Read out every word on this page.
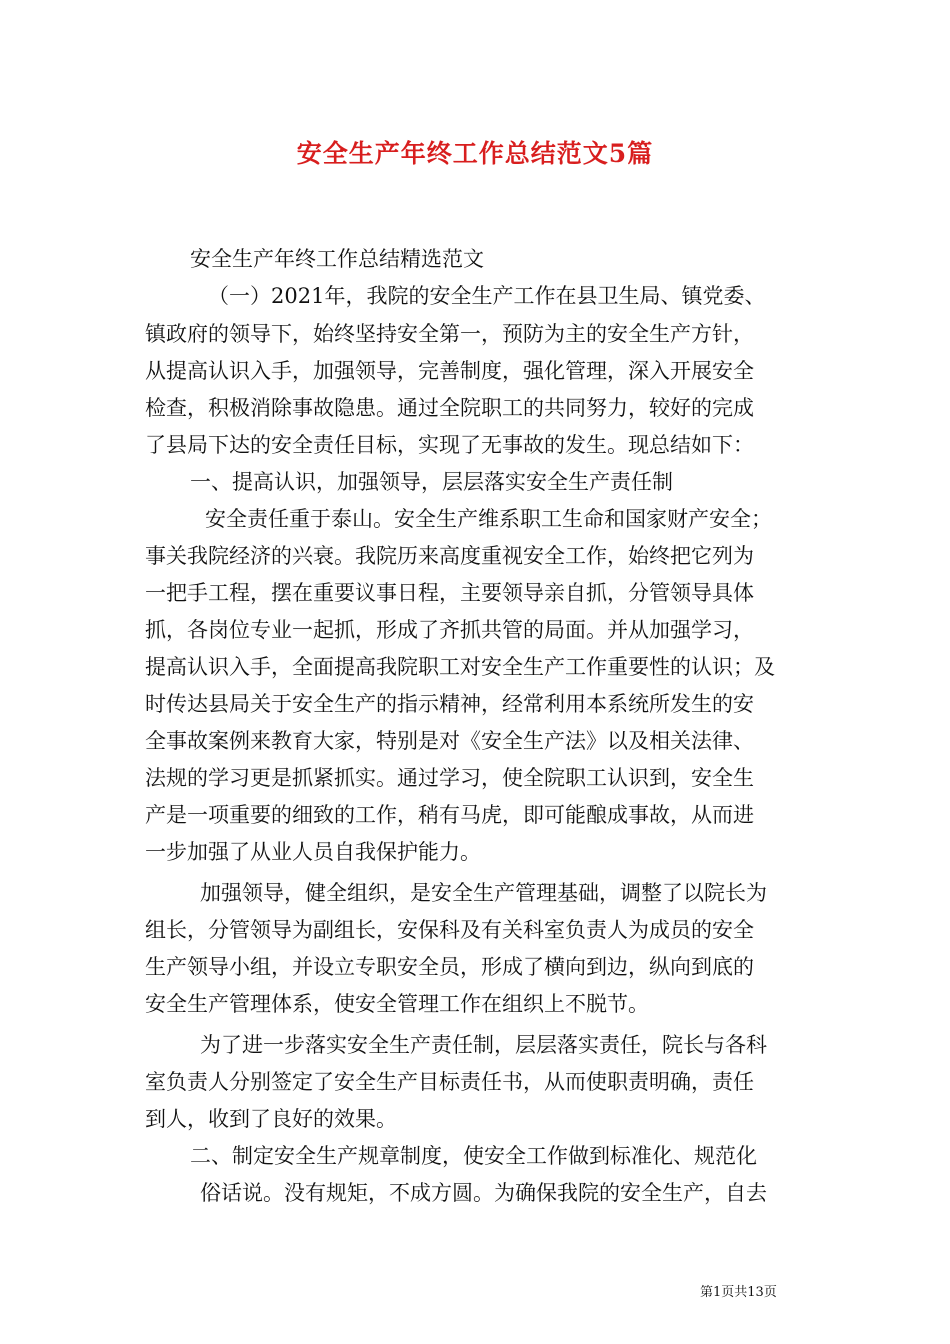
安全生产年终工作总结范文5篇
安全生产年终工作总结精选范文
（一）2021年，我院的安全生产工作在县卫生局、镇党委、
镇政府的领导下，始终坚持安全第一，预防为主的安全生产方针，
从提高认识入手，加强领导，完善制度，强化管理，深入开展安全
检查，积极消除事故隐患。通过全院职工的共同努力，较好的完成
了县局下达的安全责任目标，实现了无事故的发生。现总结如下：
一、提高认识，加强领导，层层落实安全生产责任制
安全责任重于泰山。安全生产维系职工生命和国家财产安全；
事关我院经济的兴衰。我院历来高度重视安全工作，始终把它列为
一把手工程，摆在重要议事日程，主要领导亲自抓，分管领导具体
抓，各岗位专业一起抓，形成了齐抓共管的局面。并从加强学习，
提高认识入手，全面提高我院职工对安全生产工作重要性的认识；及
时传达县局关于安全生产的指示精神，经常利用本系统所发生的安
全事故案例来教育大家，特别是对《安全生产法》以及相关法律、
法规的学习更是抓紧抓实。通过学习，使全院职工认识到，安全生
产是一项重要的细致的工作，稍有马虎，即可能酿成事故，从而进
一步加强了从业人员自我保护能力。
加强领导，健全组织，是安全生产管理基础，调整了以院长为
组长，分管领导为副组长，安保科及有关科室负责人为成员的安全
生产领导小组，并设立专职安全员，形成了横向到边，纵向到底的
安全生产管理体系，使安全管理工作在组织上不脱节。
为了进一步落实安全生产责任制，层层落实责任，院长与各科
室负责人分别签定了安全生产目标责任书，从而使职责明确，责任
到人，收到了良好的效果。
二、制定安全生产规章制度，使安全工作做到标准化、规范化
俗话说。没有规矩，不成方圆。为确保我院的安全生产，自去
第1页共13页
